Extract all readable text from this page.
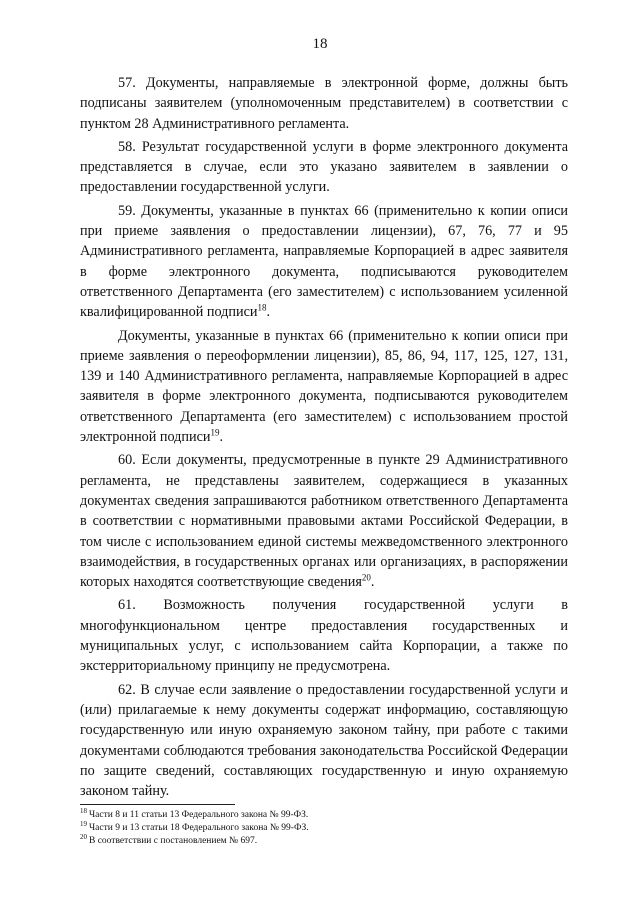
18

57. Документы, направляемые в электронной форме, должны быть подписаны заявителем (уполномоченным представителем) в соответствии с пунктом 28 Административного регламента.

58. Результат государственной услуги в форме электронного документа представляется в случае, если это указано заявителем в заявлении о предоставлении государственной услуги.

59. Документы, указанные в пунктах 66 (применительно к копии описи при приеме заявления о предоставлении лицензии), 67, 76, 77 и 95 Административного регламента, направляемые Корпорацией в адрес заявителя в форме электронного документа, подписываются руководителем ответственного Департамента (его заместителем) с использованием усиленной квалифицированной подписи$^{18}$.

Документы, указанные в пунктах 66 (применительно к копии описи при приеме заявления о переоформлении лицензии), 85, 86, 94, 117, 125, 127, 131, 139 и 140 Административного регламента, направляемые Корпорацией в адрес заявителя в форме электронного документа, подписываются руководителем ответственного Департамента (его заместителем) с использованием простой электронной подписи$^{19}$.

60. Если документы, предусмотренные в пункте 29 Административного регламента, не представлены заявителем, содержащиеся в указанных документах сведения запрашиваются работником ответственного Департамента в соответствии с нормативными правовыми актами Российской Федерации, в том числе с использованием единой системы межведомственного электронного взаимодействия, в государственных органах или организациях, в распоряжении которых находятся соответствующие сведения$^{20}$.

61. Возможность получения государственной услуги в многофункциональном центре предоставления государственных и муниципальных услуг, с использованием сайта Корпорации, а также по экстерриториальному принципу не предусмотрена.

62. В случае если заявление о предоставлении государственной услуги и (или) прилагаемые к нему документы содержат информацию, составляющую государственную или иную охраняемую законом тайну, при работе с такими документами соблюдаются требования законодательства Российской Федерации по защите сведений, составляющих государственную и иную охраняемую законом тайну.

$^{18}$ Части 8 и 11 статьи 13 Федерального закона № 99-ФЗ.
$^{19}$ Части 9 и 13 статьи 18 Федерального закона № 99-ФЗ.
$^{20}$ В соответствии с постановлением № 697.
